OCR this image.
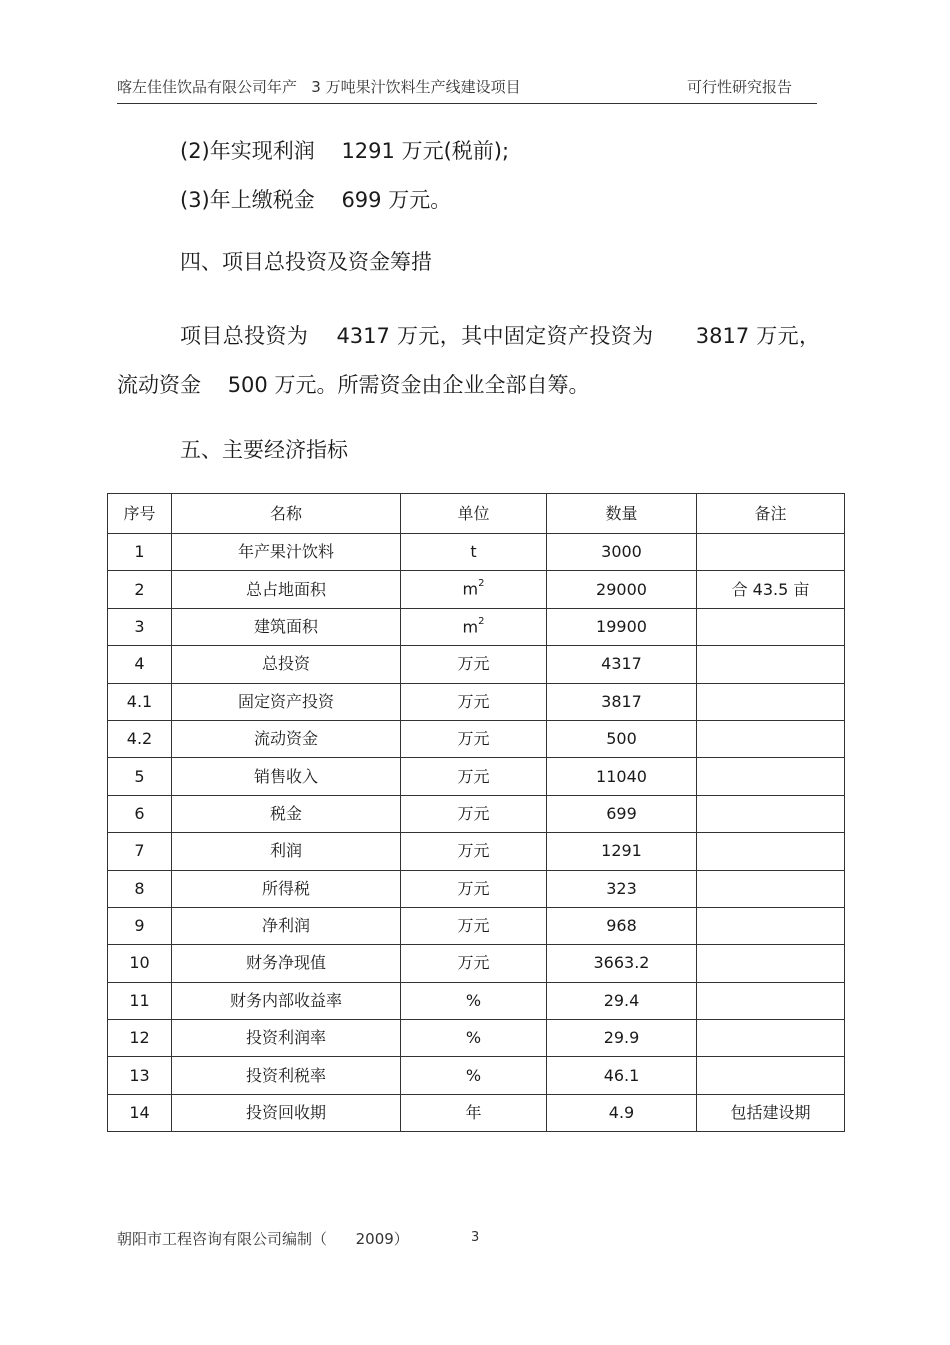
喀左佳佳饮品有限公司年产   3 万吨果汁饮料生产线建设项目	可行性研究报告
(2)年实现利润    1291 万元(税前);
(3)年上缴税金    699 万元。
四、项目总投资及资金筹措
项目总投资为    4317 万元，其中固定资产投资为      3817 万元，
流动资金    500 万元。所需资金由企业全部自筹。
五、主要经济指标
序号	名称	单位	数量	备注
1	年产果汁饮料	t	3000	
2	总占地面积	$m^2$	29000	合 43.5 亩
3	建筑面积	$m^2$	19900	
4	总投资	万元	4317	
4.1	固定资产投资	万元	3817	
4.2	流动资金	万元	500	
5	销售收入	万元	11040	
6	税金	万元	699	
7	利润	万元	1291	
8	所得税	万元	323	
9	净利润	万元	968	
10	财务净现值	万元	3663.2	
11	财务内部收益率	%	29.4	
12	投资利润率	%	29.9	
13	投资利税率	%	46.1	
14	投资回收期	年	4.9	包括建设期
朝阳市工程咨询有限公司编制（      2009）	3
